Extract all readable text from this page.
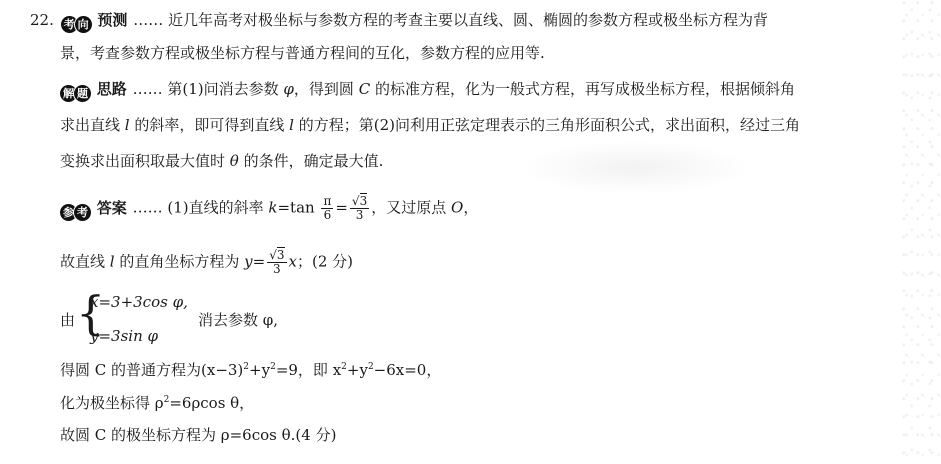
22. 考 向 预测 …… 近几年高考对极坐标与参数方程的考查主要以直线、圆、椭圆的参数方程或极坐标方程为背
景，考查参数方程或极坐标方程与普通方程间的互化，参数方程的应用等.
解 题 思路 …… 第(1)问消去参数 φ，得到圆 C 的标准方程，化为一般式方程，再写成极坐标方程，根据倾斜角
求出直线 l 的斜率，即可得到直线 l 的方程；第(2)问利用正弦定理表示的三角形面积公式，求出面积，经过三角
变换求出面积取最大值时 θ 的条件，确定最大值.
参 考 答案 …… (1)直线的斜率 $k=\tan \frac{\pi}{6} = \frac{√3}{3}$ ，又过原点 O，
故直线 l 的直角坐标方程为 $y= \frac{√3}{3}$ x；(2 分)
由 {
x=3+3cos φ,
y=3sin φ
消去参数 φ,
得圆 C 的普通方程为$(x-3)^2+y^2=9$，即 $x^2+y^2-6x=0$，
化为极坐标得 $\rho^2=6\rho\cos$ θ，
故圆 C 的极坐标方程为 ρ=6cos θ.(4 分)
